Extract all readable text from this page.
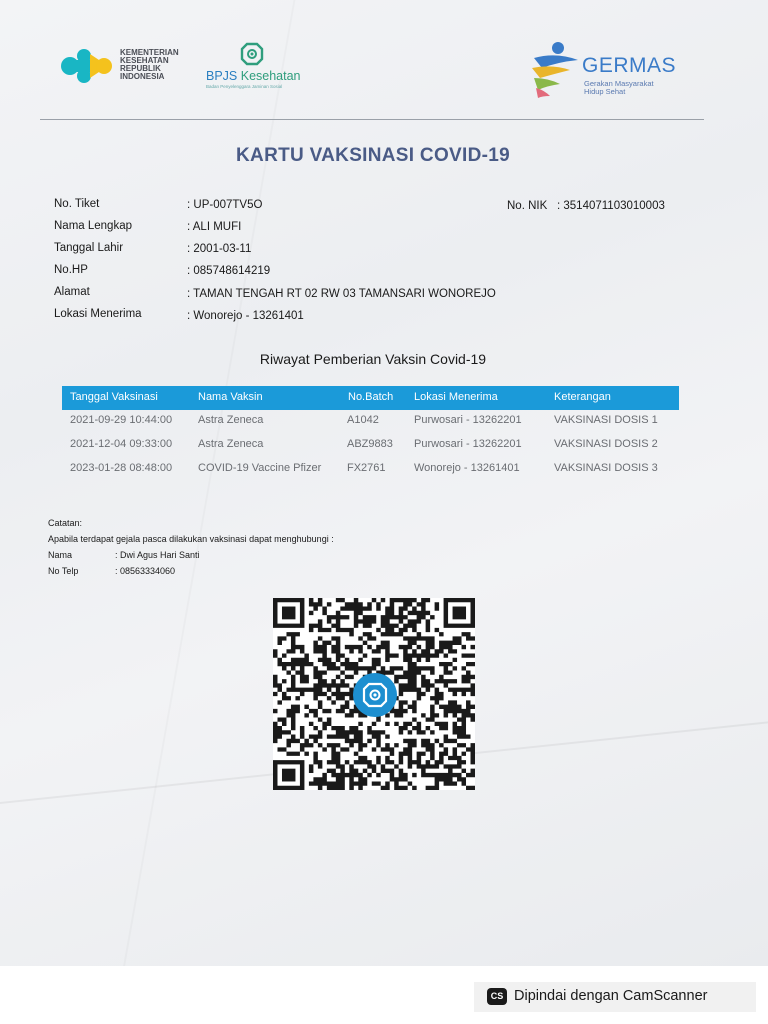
KEMENTERIAN
KESEHATAN
REPUBLIK
INDONESIA	BPJS Kesehatan
Badan Penyelenggara Jaminan Sosial
GERMAS
Gerakan Masyarakat
Hidup Sehat
KARTU VAKSINASI COVID-19
No. Tiket	: UP-007TV5O
Nama Lengkap	: ALI MUFI
Tanggal Lahir	: 2001-03-11
No.HP	: 085748614219
Alamat	: TAMAN TENGAH RT 02 RW 03 TAMANSARI WONOREJO
Lokasi Menerima	: Wonorejo - 13261401
No. NIK : 3514071103010003
Riwayat Pemberian Vaksin Covid-19
Tanggal Vaksinasi	Nama Vaksin	No.Batch Lokasi Menerima	Keterangan
2021-09-29 10:44:00 Astra Zeneca	A1042	Purwosari - 13262201	VAKSINASI DOSIS 1
2021-12-04 09:33:00 Astra Zeneca	ABZ9883 Purwosari - 13262201	VAKSINASI DOSIS 2
2023-01-28 08:48:00 COVID-19 Vaccine Pfizer FX2761	Wonorejo - 13261401	VAKSINASI DOSIS 3
Catatan:
Apabila terdapat gejala pasca dilakukan vaksinasi dapat menghubungi :
Nama	: Dwi Agus Hari Santi
No Telp	: 08563334060
CS Dipindai dengan CamScanner
